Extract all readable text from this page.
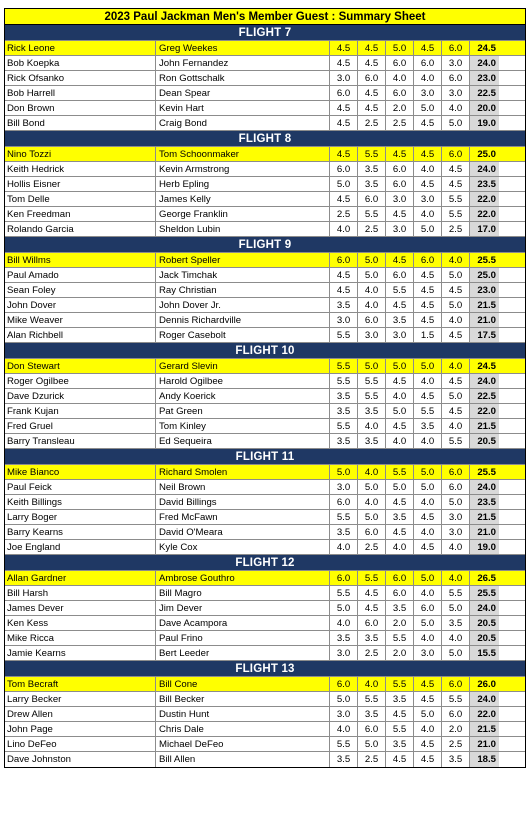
2023 Paul Jackman Men's Member Guest : Summary Sheet
FLIGHT 7
Rick Leone	Greg Weekes	4.5	4.5	5.0	4.5	6.0	24.5
Bob Koepka	John Fernandez	4.5	4.5	6.0	6.0	3.0	24.0
Rick Ofsanko	Ron Gottschalk	3.0	6.0	4.0	4.0	6.0	23.0
Bob Harrell	Dean Spear	6.0	4.5	6.0	3.0	3.0	22.5
Don Brown	Kevin Hart	4.5	4.5	2.0	5.0	4.0	20.0
Bill Bond	Craig Bond	4.5	2.5	2.5	4.5	5.0	19.0
FLIGHT 8
Nino Tozzi	Tom Schoonmaker	4.5	5.5	4.5	4.5	6.0	25.0
Keith Hedrick	Kevin Armstrong	6.0	3.5	6.0	4.0	4.5	24.0
Hollis Eisner	Herb Epling	5.0	3.5	6.0	4.5	4.5	23.5
Tom Delle	James Kelly	4.5	6.0	3.0	3.0	5.5	22.0
Ken Freedman	George Franklin	2.5	5.5	4.5	4.0	5.5	22.0
Rolando Garcia	Sheldon Lubin	4.0	2.5	3.0	5.0	2.5	17.0
FLIGHT 9
Bill Willms	Robert Speller	6.0	5.0	4.5	6.0	4.0	25.5
Paul Amado	Jack Timchak	4.5	5.0	6.0	4.5	5.0	25.0
Sean Foley	Ray Christian	4.5	4.0	5.5	4.5	4.5	23.0
John Dover	John Dover Jr.	3.5	4.0	4.5	4.5	5.0	21.5
Mike Weaver	Dennis Richardville	3.0	6.0	3.5	4.5	4.0	21.0
Alan Richbell	Roger Casebolt	5.5	3.0	3.0	1.5	4.5	17.5
FLIGHT 10
Don Stewart	Gerard Slevin	5.5	5.0	5.0	5.0	4.0	24.5
Roger Ogilbee	Harold Ogilbee	5.5	5.5	4.5	4.0	4.5	24.0
Dave Dzurick	Andy Koerick	3.5	5.5	4.0	4.5	5.0	22.5
Frank Kujan	Pat Green	3.5	3.5	5.0	5.5	4.5	22.0
Fred Gruel	Tom Kinley	5.5	4.0	4.5	3.5	4.0	21.5
Barry Transleau	Ed Sequeira	3.5	3.5	4.0	4.0	5.5	20.5
FLIGHT 11
Mike Bianco	Richard Smolen	5.0	4.0	5.5	5.0	6.0	25.5
Paul Feick	Neil Brown	3.0	5.0	5.0	5.0	6.0	24.0
Keith Billings	David Billings	6.0	4.0	4.5	4.0	5.0	23.5
Larry Boger	Fred McFawn	5.5	5.0	3.5	4.5	3.0	21.5
Barry Kearns	David O'Meara	3.5	6.0	4.5	4.0	3.0	21.0
Joe England	Kyle Cox	4.0	2.5	4.0	4.5	4.0	19.0
FLIGHT 12
Allan Gardner	Ambrose Gouthro	6.0	5.5	6.0	5.0	4.0	26.5
Bill Harsh	Bill Magro	5.5	4.5	6.0	4.0	5.5	25.5
James Dever	Jim Dever	5.0	4.5	3.5	6.0	5.0	24.0
Ken Kess	Dave Acampora	4.0	6.0	2.0	5.0	3.5	20.5
Mike Ricca	Paul Frino	3.5	3.5	5.5	4.0	4.0	20.5
Jamie Kearns	Bert Leeder	3.0	2.5	2.0	3.0	5.0	15.5
FLIGHT 13
Tom Becraft	Bill Cone	6.0	4.0	5.5	4.5	6.0	26.0
Larry Becker	Bill Becker	5.0	5.5	3.5	4.5	5.5	24.0
Drew Allen	Dustin Hunt	3.0	3.5	4.5	5.0	6.0	22.0
John Page	Chris Dale	4.0	6.0	5.5	4.0	2.0	21.5
Lino DeFeo	Michael DeFeo	5.5	5.0	3.5	4.5	2.5	21.0
Dave Johnston	Bill Allen	3.5	2.5	4.5	4.5	3.5	18.5
